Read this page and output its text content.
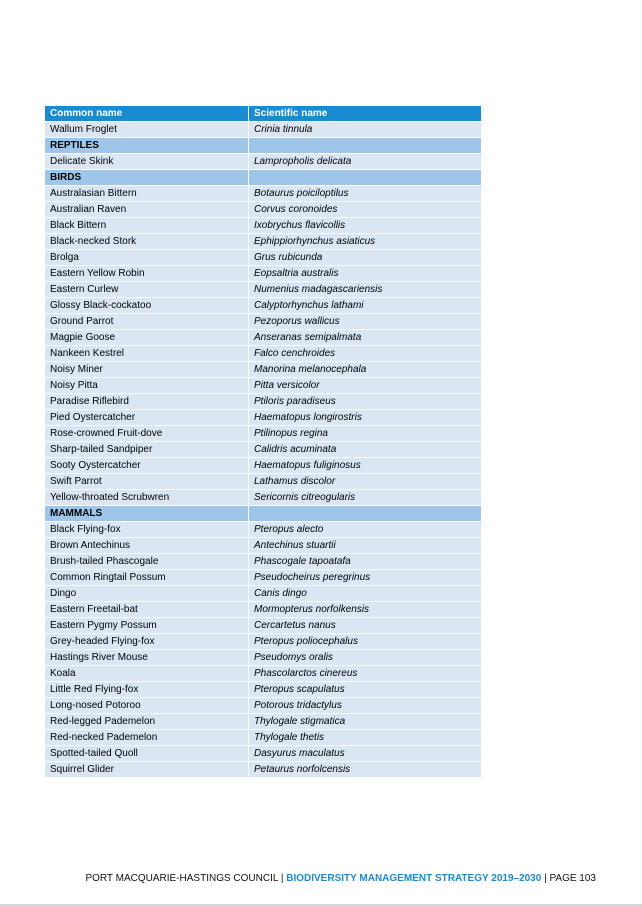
Common name	Scientific name
Wallum Froglet	Crinia tinnula
REPTILES	
Delicate Skink	Lampropholis delicata
BIRDS	
Australasian Bittern	Botaurus poiciloptilus
Australian Raven	Corvus coronoides
Black Bittern	Ixobrychus flavicollis
Black-necked Stork	Ephippiorhynchus asiaticus
Brolga	Grus rubicunda
Eastern Yellow Robin	Eopsaltria australis
Eastern Curlew	Numenius madagascariensis
Glossy Black-cockatoo	Calyptorhynchus lathami
Ground Parrot	Pezoporus wallicus
Magpie Goose	Anseranas semipalmata
Nankeen Kestrel	Falco cenchroides
Noisy Miner	Manorina melanocephala
Noisy Pitta	Pitta versicolor
Paradise Riflebird	Ptiloris paradiseus
Pied Oystercatcher	Haematopus longirostris
Rose-crowned Fruit-dove	Ptilinopus regina
Sharp-tailed Sandpiper	Calidris acuminata
Sooty Oystercatcher	Haematopus fuliginosus
Swift Parrot	Lathamus discolor
Yellow-throated Scrubwren	Sericornis citreogularis
MAMMALS	
Black Flying-fox	Pteropus alecto
Brown Antechinus	Antechinus stuartii
Brush-tailed Phascogale	Phascogale tapoatafa
Common Ringtail Possum	Pseudocheirus peregrinus
Dingo	Canis dingo
Eastern Freetail-bat	Mormopterus norfolkensis
Eastern Pygmy Possum	Cercartetus nanus
Grey-headed Flying-fox	Pteropus poliocephalus
Hastings River Mouse	Pseudomys oralis
Koala	Phascolarctos cinereus
Little Red Flying-fox	Pteropus scapulatus
Long-nosed Potoroo	Potorous tridactylus
Red-legged Pademelon	Thylogale stigmatica
Red-necked Pademelon	Thylogale thetis
Spotted-tailed Quoll	Dasyurus maculatus
Squirrel Glider	Petaurus norfolcensis
PORT MACQUARIE-HASTINGS COUNCIL | BIODIVERSITY MANAGEMENT STRATEGY 2019–2030 | PAGE 103
